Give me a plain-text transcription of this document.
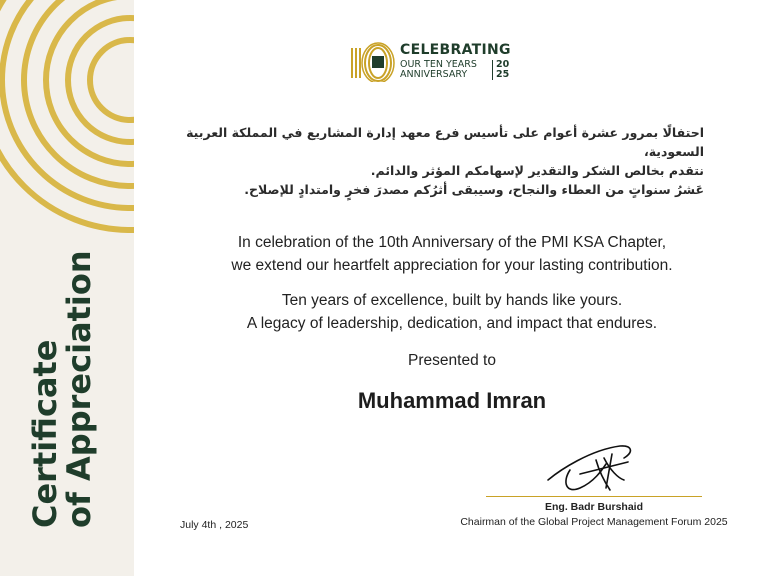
Certificate
of Appreciation
CELEBRATING
OUR TEN YEARS
ANNIVERSARY
20
25
احتفالًا بمرور عشرة أعوام على تأسيس فرع معهد إدارة المشاريع في المملكة العربية السعودية،
نتقدم بخالص الشكر والتقدير لإسهامكم المؤثر والدائم.
عَشرُ سنواتٍ من العطاء والنجاح، وسيبقى أثرُكم مصدرَ فخرٍ وامتدادٍ للإصلاح.
In celebration of the 10th Anniversary of the PMI KSA Chapter,
we extend our heartfelt appreciation for your lasting contribution.
Ten years of excellence, built by hands like yours.
A legacy of leadership, dedication, and impact that endures.
Presented to
Muhammad Imran
Eng. Badr Burshaid
Chairman of the Global Project Management Forum 2025
July 4th , 2025
